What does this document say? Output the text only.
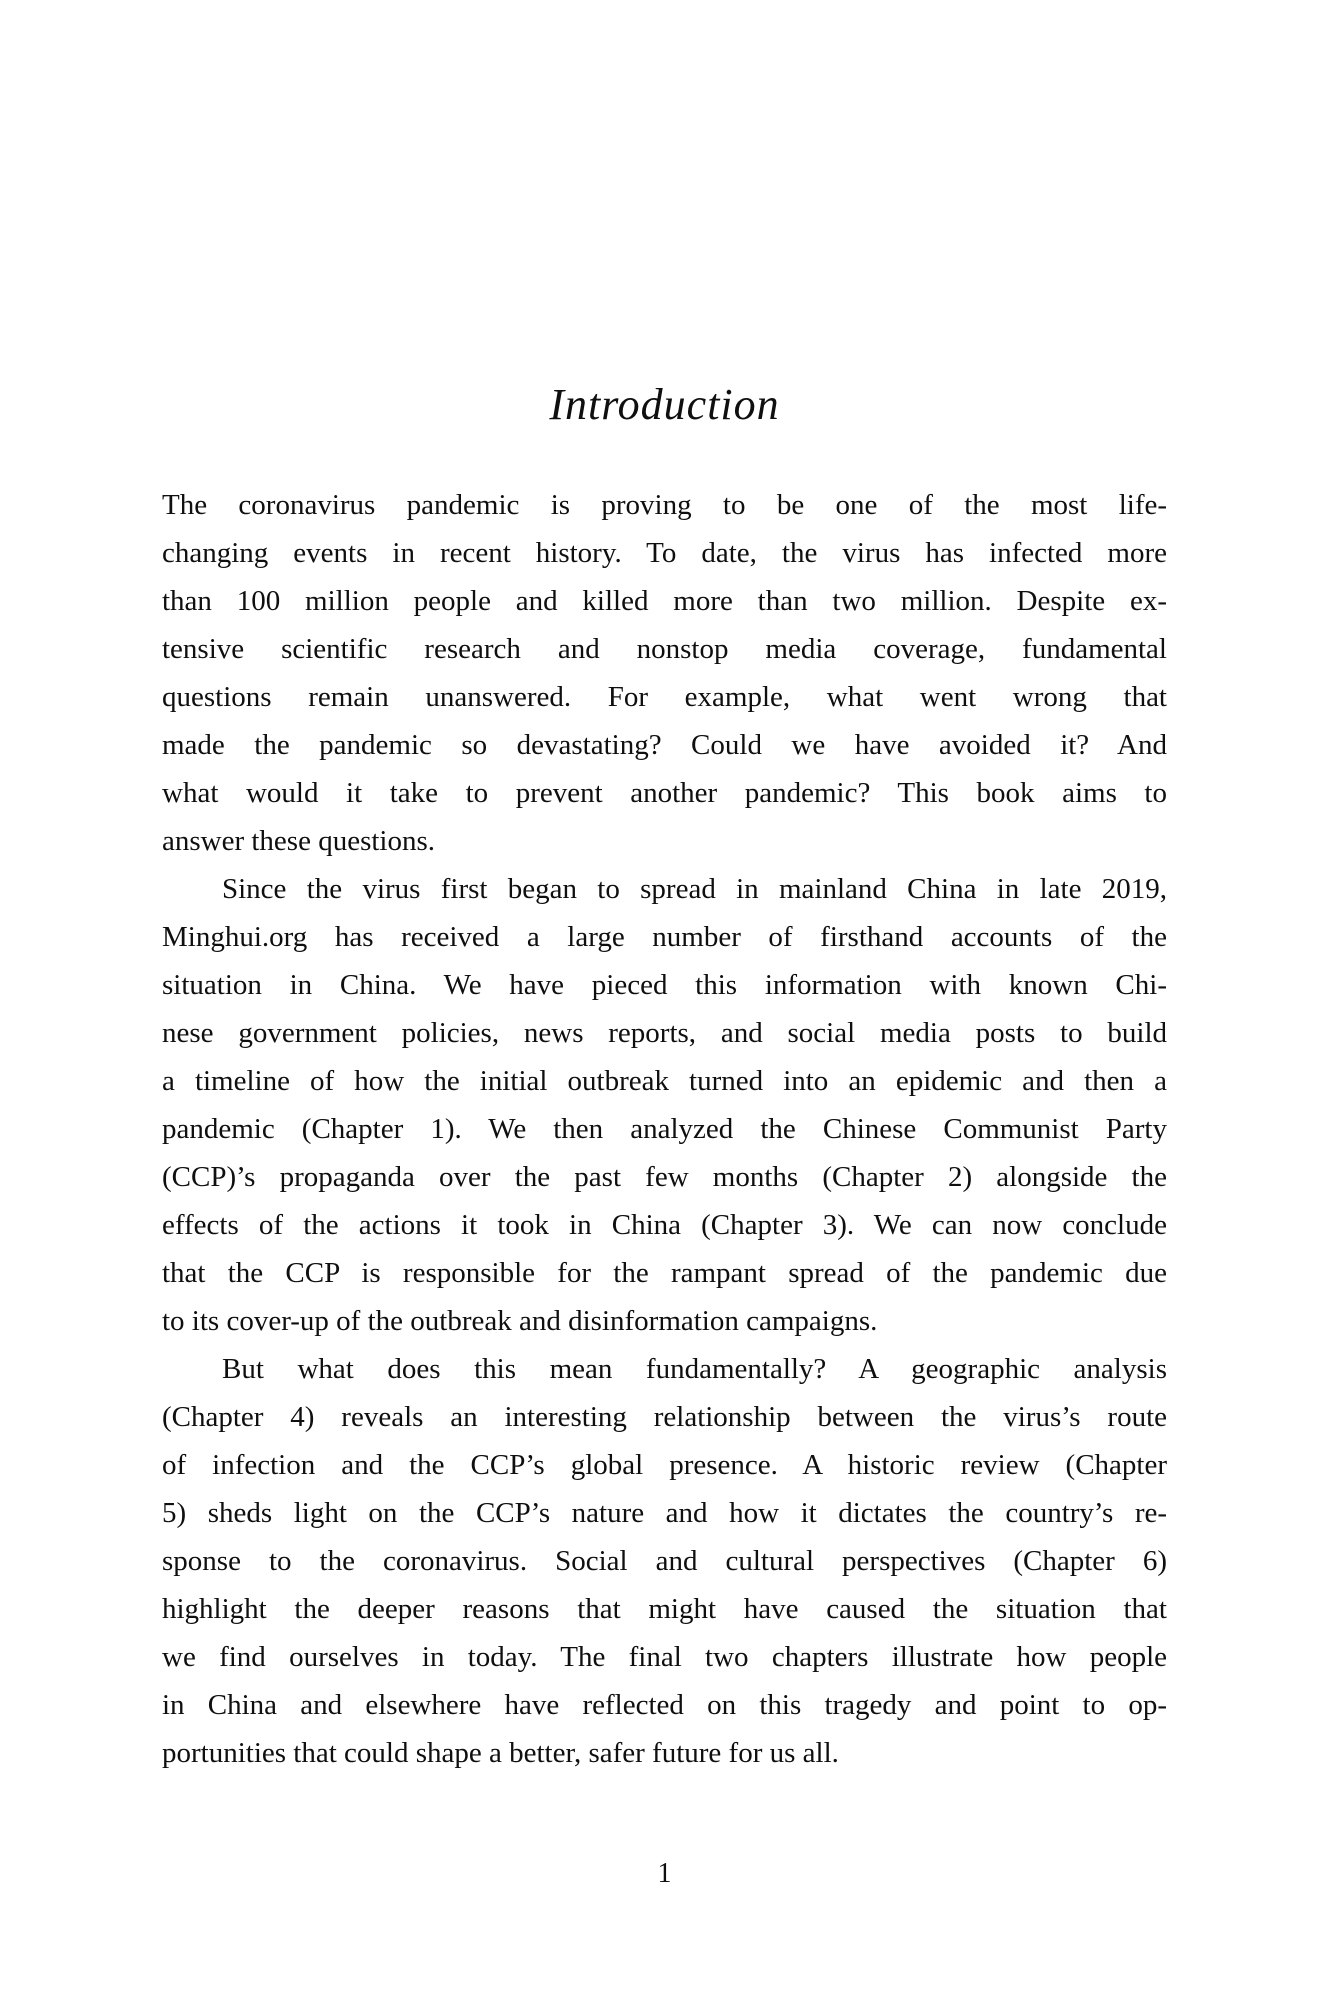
Introduction
The coronavirus pandemic is proving to be one of the most life-
changing events in recent history. To date, the virus has infected more
than 100 million people and killed more than two million. Despite ex-
tensive scientific research and nonstop media coverage, fundamental
questions remain unanswered. For example, what went wrong that
made the pandemic so devastating? Could we have avoided it? And
what would it take to prevent another pandemic? This book aims to
answer these questions.
Since the virus first began to spread in mainland China in late 2019,
Minghui.org has received a large number of firsthand accounts of the
situation in China. We have pieced this information with known Chi-
nese government policies, news reports, and social media posts to build
a timeline of how the initial outbreak turned into an epidemic and then a
pandemic (Chapter 1). We then analyzed the Chinese Communist Party
(CCP)’s propaganda over the past few months (Chapter 2) alongside the
effects of the actions it took in China (Chapter 3). We can now conclude
that the CCP is responsible for the rampant spread of the pandemic due
to its cover-up of the outbreak and disinformation campaigns.
But what does this mean fundamentally? A geographic analysis
(Chapter 4) reveals an interesting relationship between the virus’s route
of infection and the CCP’s global presence. A historic review (Chapter
5) sheds light on the CCP’s nature and how it dictates the country’s re-
sponse to the coronavirus. Social and cultural perspectives (Chapter 6)
highlight the deeper reasons that might have caused the situation that
we find ourselves in today. The final two chapters illustrate how people
in China and elsewhere have reflected on this tragedy and point to op-
portunities that could shape a better, safer future for us all.
1
